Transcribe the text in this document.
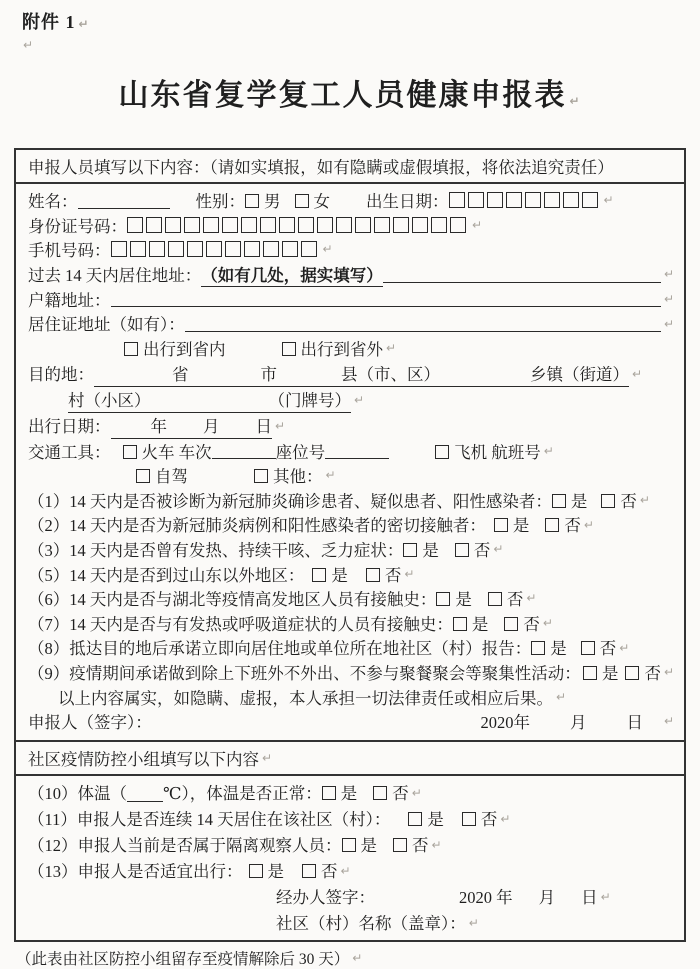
附件 1 ↵
↵
山东省复学复工人员健康申报表 ↵
申报人员填写以下内容：（请如实填报，如有隐瞒或虚假填报，将依法追究责任）
姓名：	性别： 男 女 出生日期：	↵
身份证号码：	↵
手机号码：	↵
过去 14 天内居住地址： （如有几处，据实填写）	↵
户籍地址：	↵
居住证地址（如有）：	↵
出行到省内	出行到省外 ↵
目的地：	省	市	县（市、区）	乡镇（街道） ↵
村（小区）	（门牌号） ↵
出行日期： 年 月 日 ↵
交通工具： 火车 车次	座位号	飞机 航班号 ↵
自驾	其他： ↵
（1）14 天内是否被诊断为新冠肺炎确诊患者、疑似患者、阳性感染者： 是 否 ↵
（2）14 天内是否为新冠肺炎病例和阳性感染者的密切接触者： 是 否 ↵
（3）14 天内是否曾有发热、持续干咳、乏力症状： 是 否 ↵
（5）14 天内是否到过山东以外地区： 是 否 ↵
（6）14 天内是否与湖北等疫情高发地区人员有接触史： 是 否 ↵
（7）14 天内是否与有发热或呼吸道症状的人员有接触史： 是 否 ↵
（8）抵达目的地后承诺立即向居住地或单位所在地社区（村）报告： 是 否 ↵
（9）疫情期间承诺做到除上下班外不外出、不参与聚餐聚会等聚集性活动： 是 否 ↵
以上内容属实，如隐瞒、虚报，本人承担一切法律责任或相应后果。 ↵
申报人（签字）：	2020年 月 日 ↵
社区疫情防控小组填写以下内容 ↵
（10）体温（ ℃），体温是否正常： 是 否 ↵
（11）申报人是否连续 14 天居住在该社区（村）： 是 否 ↵
（12）申报人当前是否属于隔离观察人员： 是 否 ↵
（13）申报人是否适宜出行： 是 否 ↵
经办人签字：	2020 年 月 日 ↵
社区（村）名称（盖章）： ↵
（此表由社区防控小组留存至疫情解除后 30 天） ↵
